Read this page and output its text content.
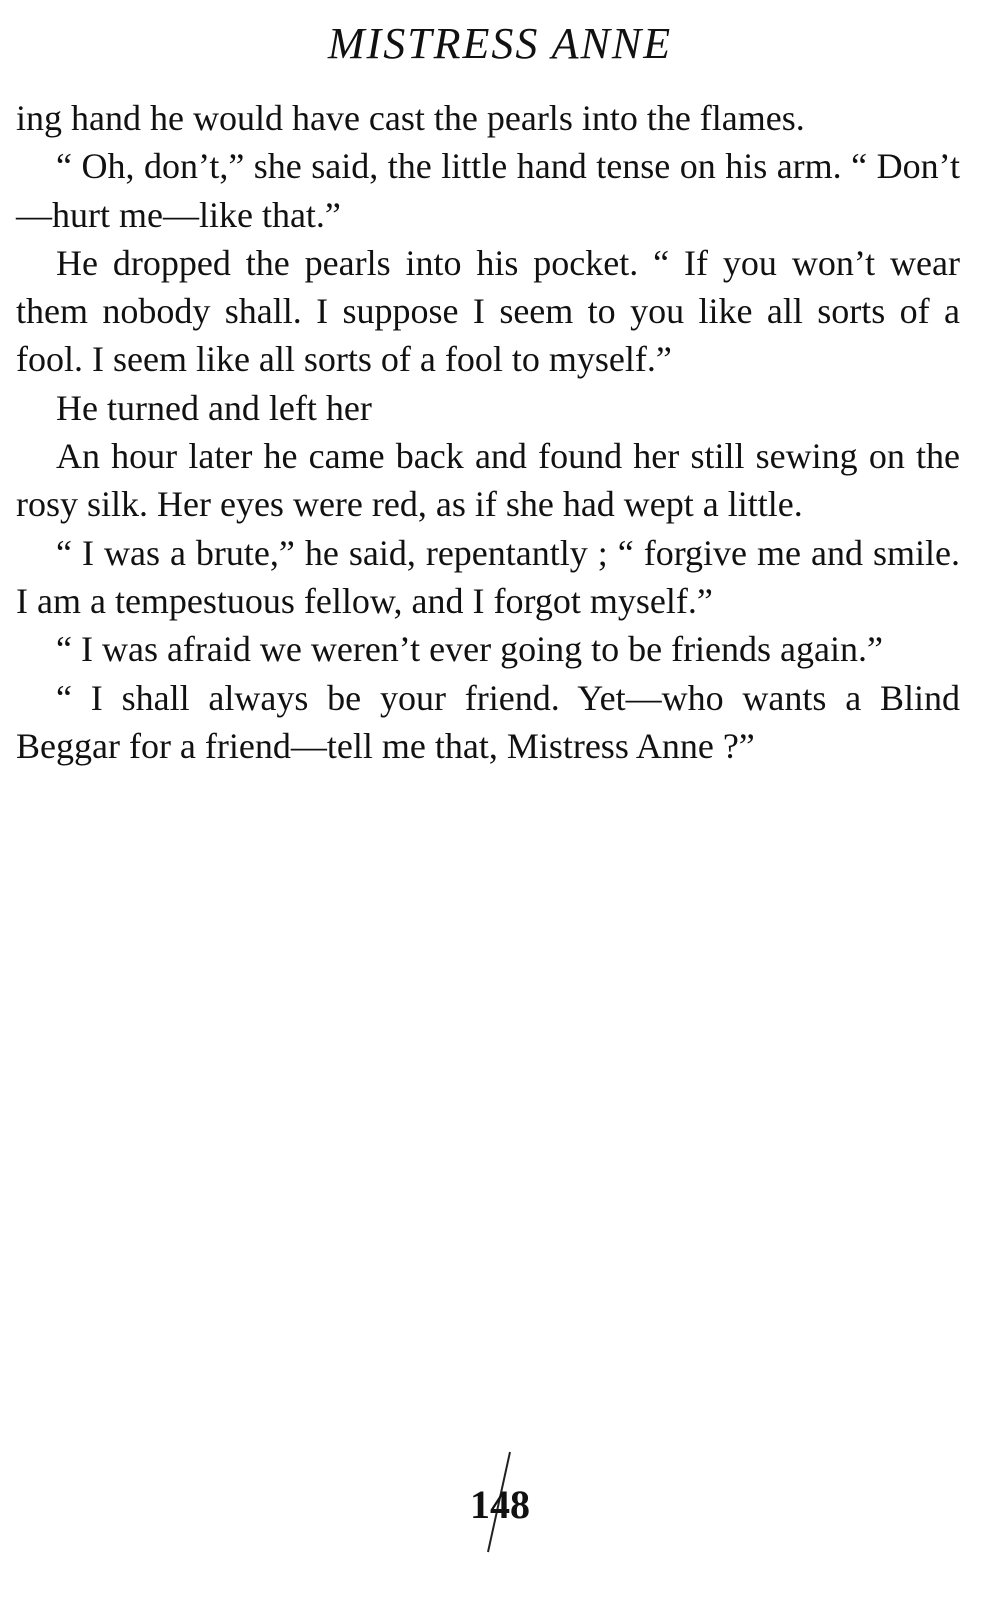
MISTRESS ANNE

ing hand he would have cast the pearls into the flames.

“ Oh, don’t,” she said, the little hand tense on his arm. “ Don’t—hurt me—like that.”

He dropped the pearls into his pocket. “ If you won’t wear them nobody shall. I suppose I seem to you like all sorts of a fool. I seem like all sorts of a fool to myself.”

He turned and left her

An hour later he came back and found her still sewing on the rosy silk. Her eyes were red, as if she had wept a little.

“ I was a brute,” he said, repentantly ; “ forgive me and smile. I am a tempestuous fellow, and I forgot myself.”

“ I was afraid we weren’t ever going to be friends again.”

“ I shall always be your friend. Yet—who wants a Blind Beggar for a friend—tell me that, Mistress Anne ?”

148
